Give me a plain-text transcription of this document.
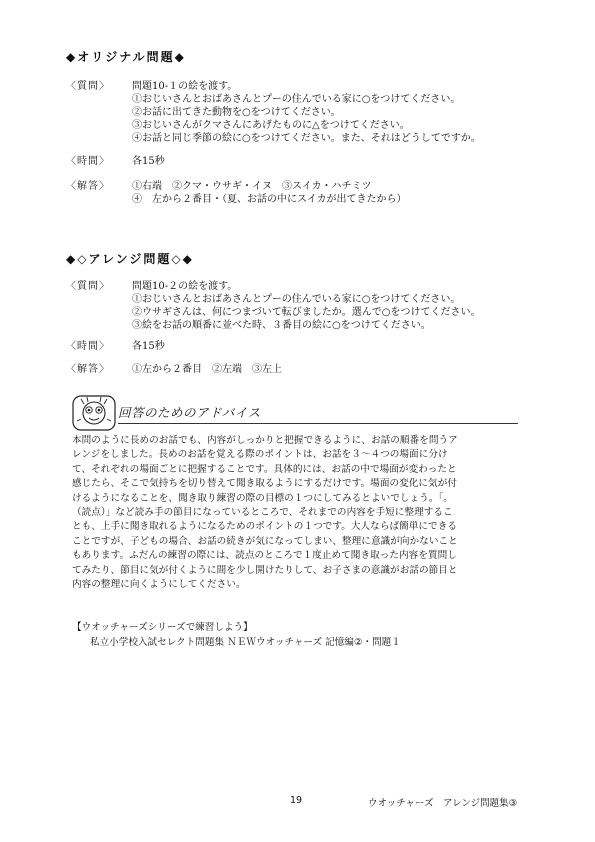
◆オリジナル問題◆
〈質問〉	問題10-１の絵を渡す。
①おじいさんとおばあさんとプーの住んでいる家に○をつけてください。
②お話に出てきた動物を○をつけてください。
③おじいさんがクマさんにあげたものに△をつけてください。
④お話と同じ季節の絵に○をつけてください。また、それはどうしてですか。
〈時間〉	各15秒
〈解答〉	①右端　②クマ・ウサギ・イヌ　③スイカ・ハチミツ
④　左から２番目・（夏、お話の中にスイカが出てきたから）
◆◇アレンジ問題◇◆
〈質問〉	問題10-２の絵を渡す。
①おじいさんとおばあさんとプーの住んでいる家に○をつけてください。
②ウサギさんは、何につまづいて転びましたか。選んで○をつけてください。
③絵をお話の順番に並べた時、３番目の絵に○をつけてください。
〈時間〉	各15秒
〈解答〉	①左から２番目　②左端　③左上
回答のためのアドバイス
本問のように長めのお話でも、内容がしっかりと把握できるように、お話の順番を問うア
レンジをしました。長めのお話を覚える際のポイントは、お話を３～４つの場面に分け
て、それぞれの場面ごとに把握することです。具体的には、お話の中で場面が変わったと
感じたら、そこで気持ちを切り替えて聞き取るようにするだけです。場面の変化に気が付
けるようになることを、聞き取り練習の際の目標の１つにしてみるとよいでしょう。「。
（読点）」など読み手の節目になっているところで、それまでの内容を手短に整理するこ
とも、上手に聞き取れるようになるためのポイントの１つです。大人ならば簡単にできる
ことですが、子どもの場合、お話の続きが気になってしまい、整理に意識が向かないこと
もあります。ふだんの練習の際には、読点のところで１度止めて聞き取った内容を質問し
てみたり、節目に気が付くように間を少し開けたりして、お子さまの意識がお話の節目と
内容の整理に向くようにしてください。
【ウオッチャーズシリーズで練習しよう】
私立小学校入試セレクト問題集 ＮＥＷウオッチャーズ 記憶編②・問題１
19	ウオッチャーズ　アレンジ問題集③
